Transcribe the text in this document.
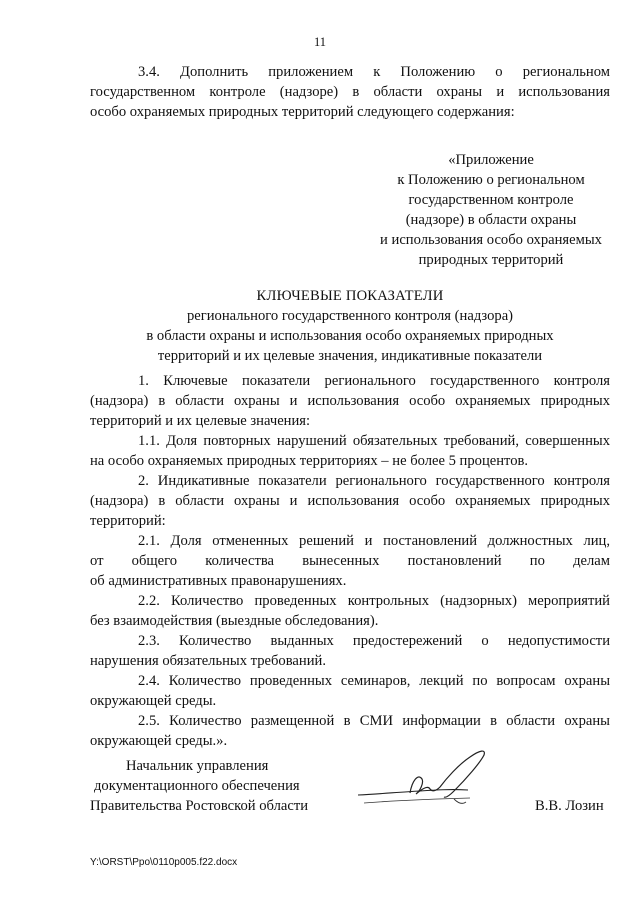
11
3.4. Дополнить приложением к Положению о региональном
государственном контроле (надзоре) в области охраны и использования
особо охраняемых природных территорий следующего содержания:
«Приложение
к Положению о региональном
государственном контроле
(надзоре) в области охраны
и использования особо охраняемых
природных территорий
КЛЮЧЕВЫЕ ПОКАЗАТЕЛИ
регионального государственного контроля (надзора)
в области охраны и использования особо охраняемых природных
территорий и их целевые значения, индикативные показатели
1. Ключевые показатели регионального государственного контроля
(надзора) в области охраны и использования особо охраняемых природных
территорий и их целевые значения:
1.1. Доля повторных нарушений обязательных требований, совершенных
на особо охраняемых природных территориях – не более 5 процентов.
2. Индикативные показатели регионального государственного контроля
(надзора) в области охраны и использования особо охраняемых природных
территорий:
2.1. Доля отмененных решений и постановлений должностных лиц,
от общего количества вынесенных постановлений по делам
об административных правонарушениях.
2.2. Количество проведенных контрольных (надзорных) мероприятий
без взаимодействия (выездные обследования).
2.3. Количество выданных предостережений о недопустимости
нарушения обязательных требований.
2.4. Количество проведенных семинаров, лекций по вопросам охраны
окружающей среды.
2.5. Количество размещенной в СМИ информации в области охраны
окружающей среды.».
Начальник управления
документационного обеспечения
Правительства Ростовской области	В.В. Лозин
Y:\ORST\Ppo\0110p005.f22.docx
